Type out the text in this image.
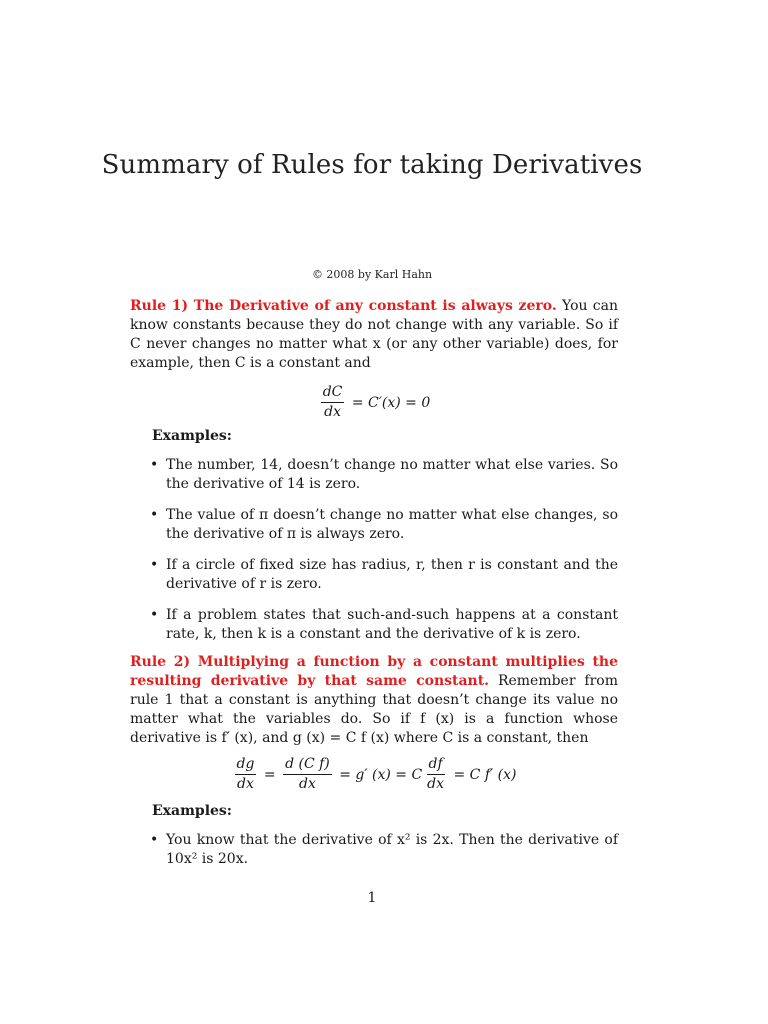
Summary of Rules for taking Derivatives
© 2008 by Karl Hahn

Rule 1) The Derivative of any constant is always zero. You can know constants because they do not change with any variable. So if C never changes no matter what x (or any other variable) does, for example, then C is a constant and

$\frac{dC}{dx} = C'(x) = 0$

Examples:

• The number, 14, doesn’t change no matter what else varies. So the derivative of 14 is zero.
• The value of π doesn’t change no matter what else changes, so the derivative of π is always zero.
• If a circle of fixed size has radius, r, then r is constant and the derivative of r is zero.
• If a problem states that such-and-such happens at a constant rate, k, then k is a constant and the derivative of k is zero.

Rule 2) Multiplying a function by a constant multiplies the resulting derivative by that same constant. Remember from rule 1 that a constant is anything that doesn’t change its value no matter what the variables do. So if f (x) is a function whose derivative is f′ (x), and g (x) = C f (x) where C is a constant, then

$\frac{dg}{dx} = \frac{\text{d (C f)}}{dx} = g'$ (x) = C $\frac{df}{dx} = C$ f′ (x)

Examples:

• You know that the derivative of x² is 2x. Then the derivative of 10x² is 20x.
1
